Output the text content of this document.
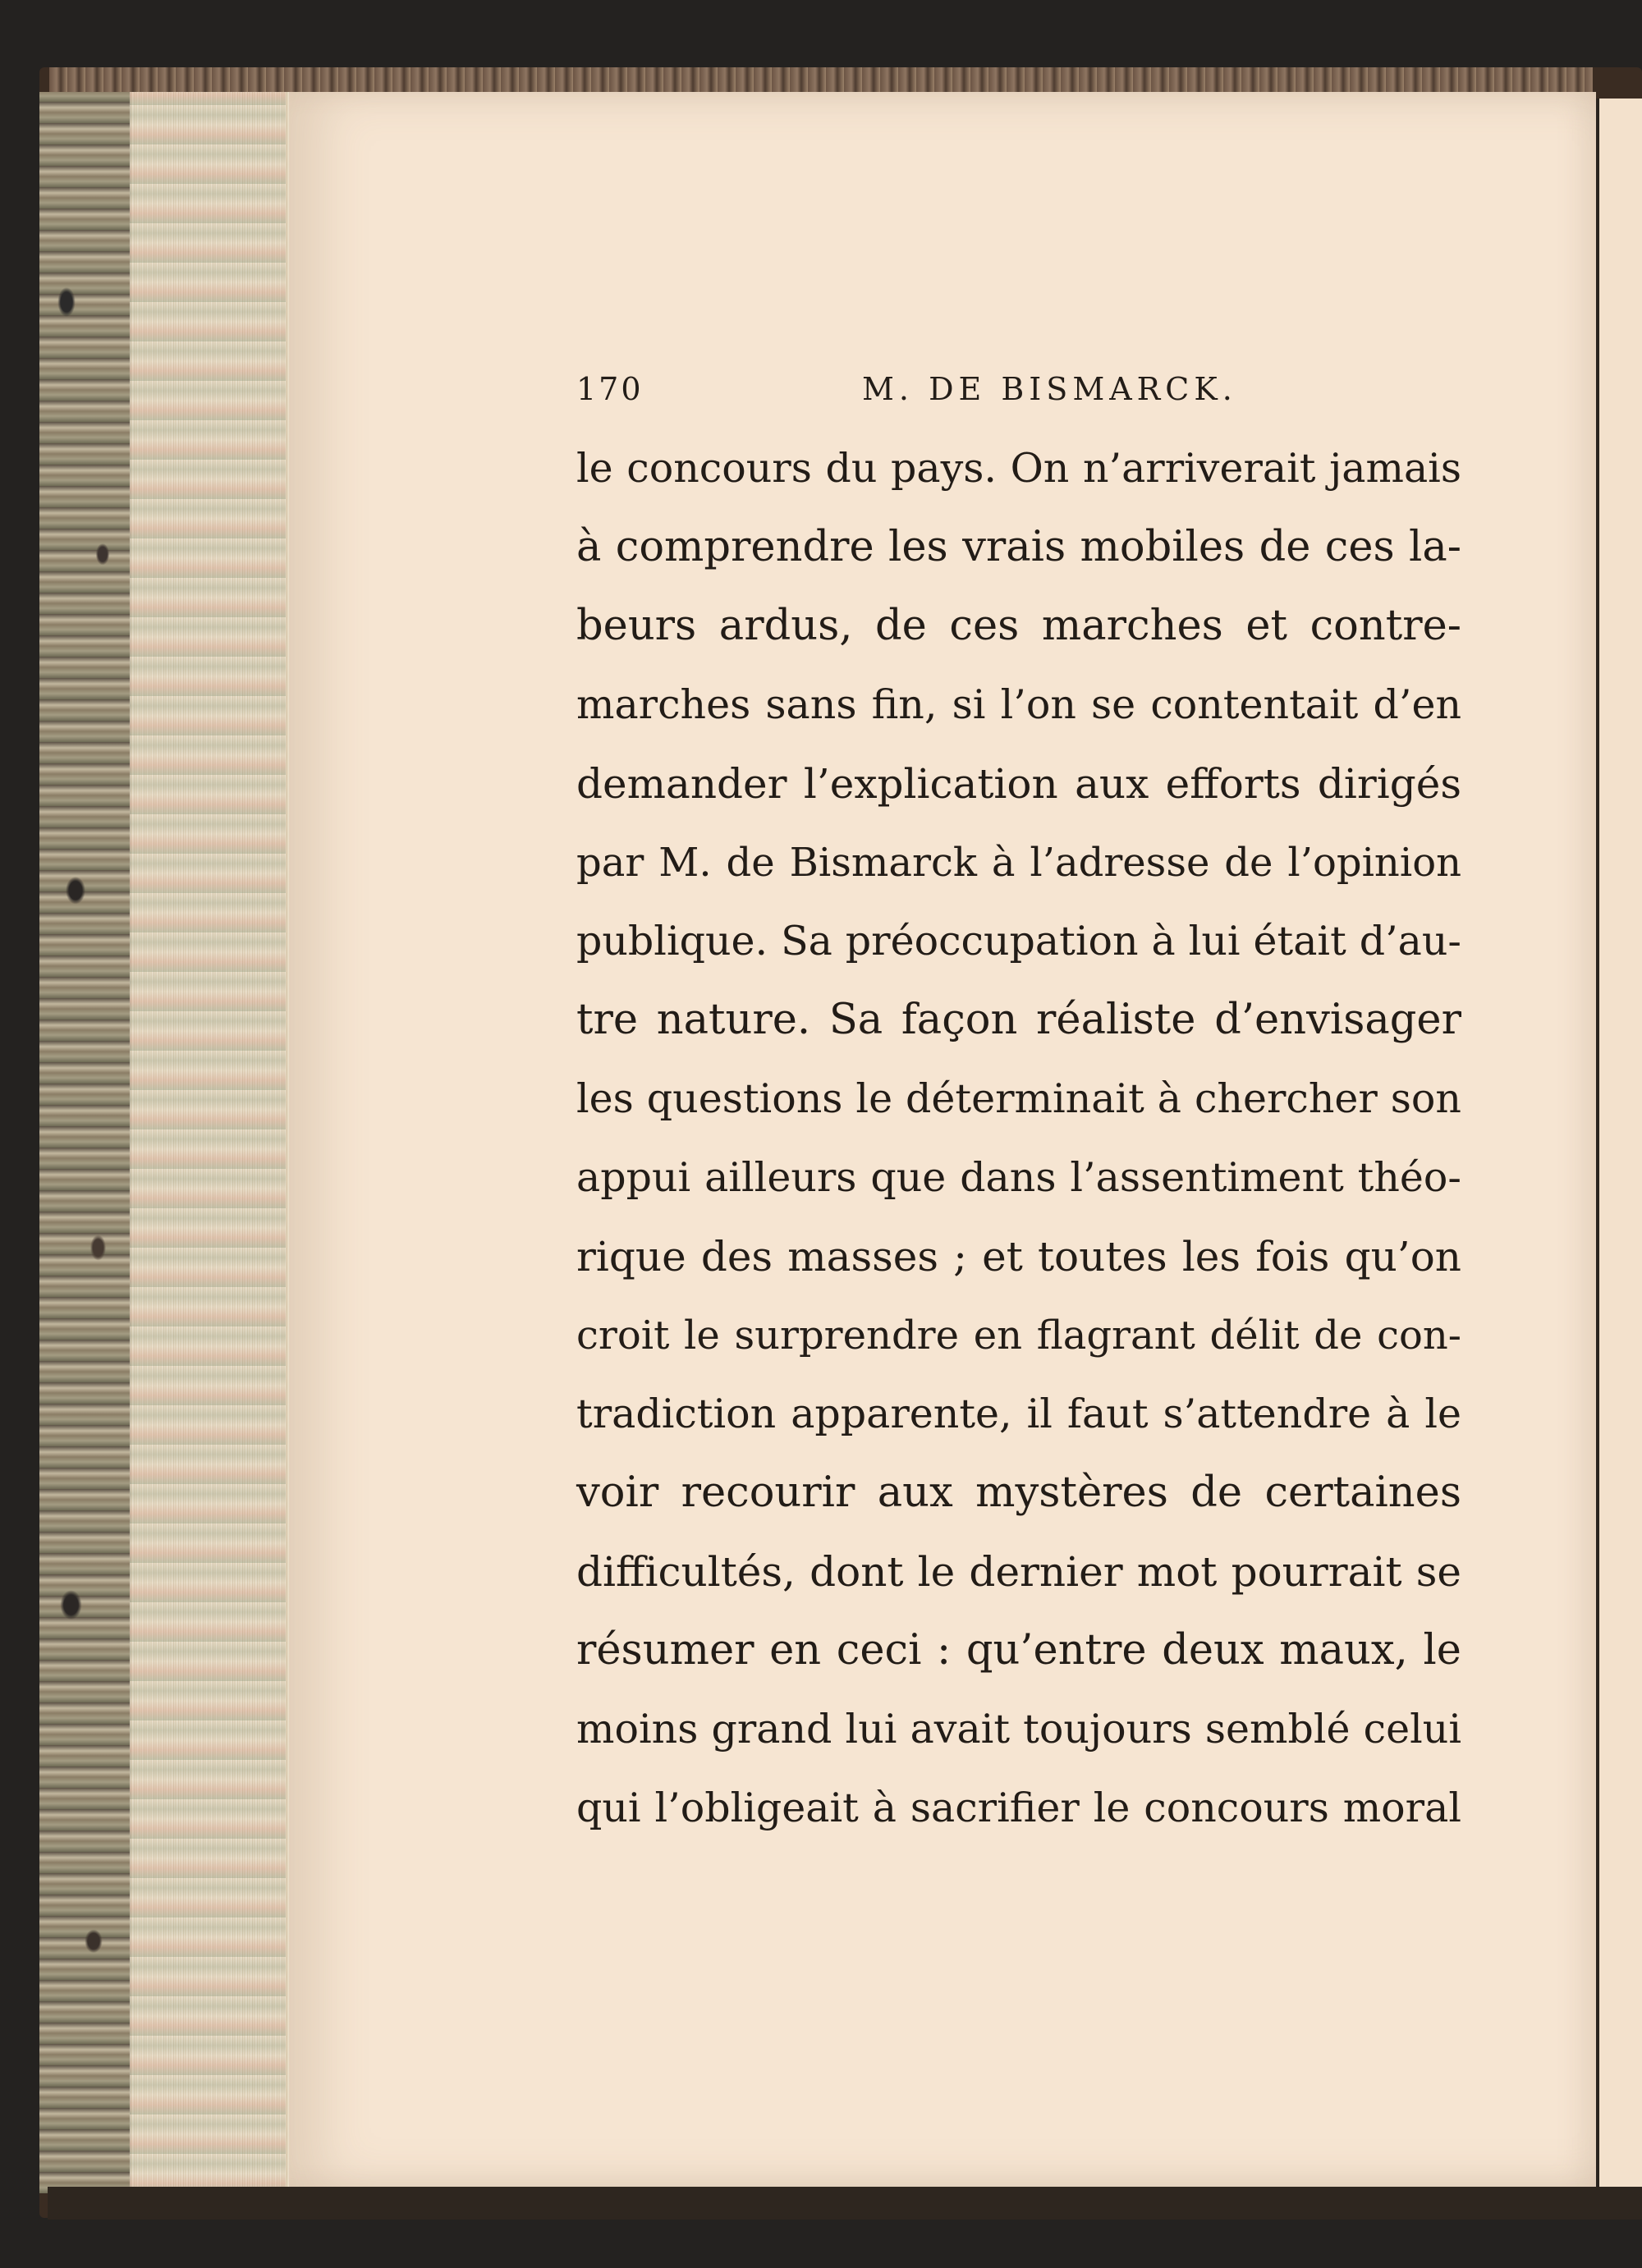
170	M. DE BISMARCK.
le concours du pays. On n’arriverait jamais
à comprendre les vrais mobiles de ces la-
beurs ardus, de ces marches et contre-
marches sans fin, si l’on se contentait d’en
demander l’explication aux efforts dirigés
par M. de Bismarck à l’adresse de l’opinion
publique. Sa préoccupation à lui était d’au-
tre nature. Sa façon réaliste d’envisager
les questions le déterminait à chercher son
appui ailleurs que dans l’assentiment théo-
rique des masses ; et toutes les fois qu’on
croit le surprendre en flagrant délit de con-
tradiction apparente, il faut s’attendre à le
voir recourir aux mystères de certaines
difficultés, dont le dernier mot pourrait se
résumer en ceci : qu’entre deux maux, le
moins grand lui avait toujours semblé celui
qui l’obligeait à sacrifier le concours moral
